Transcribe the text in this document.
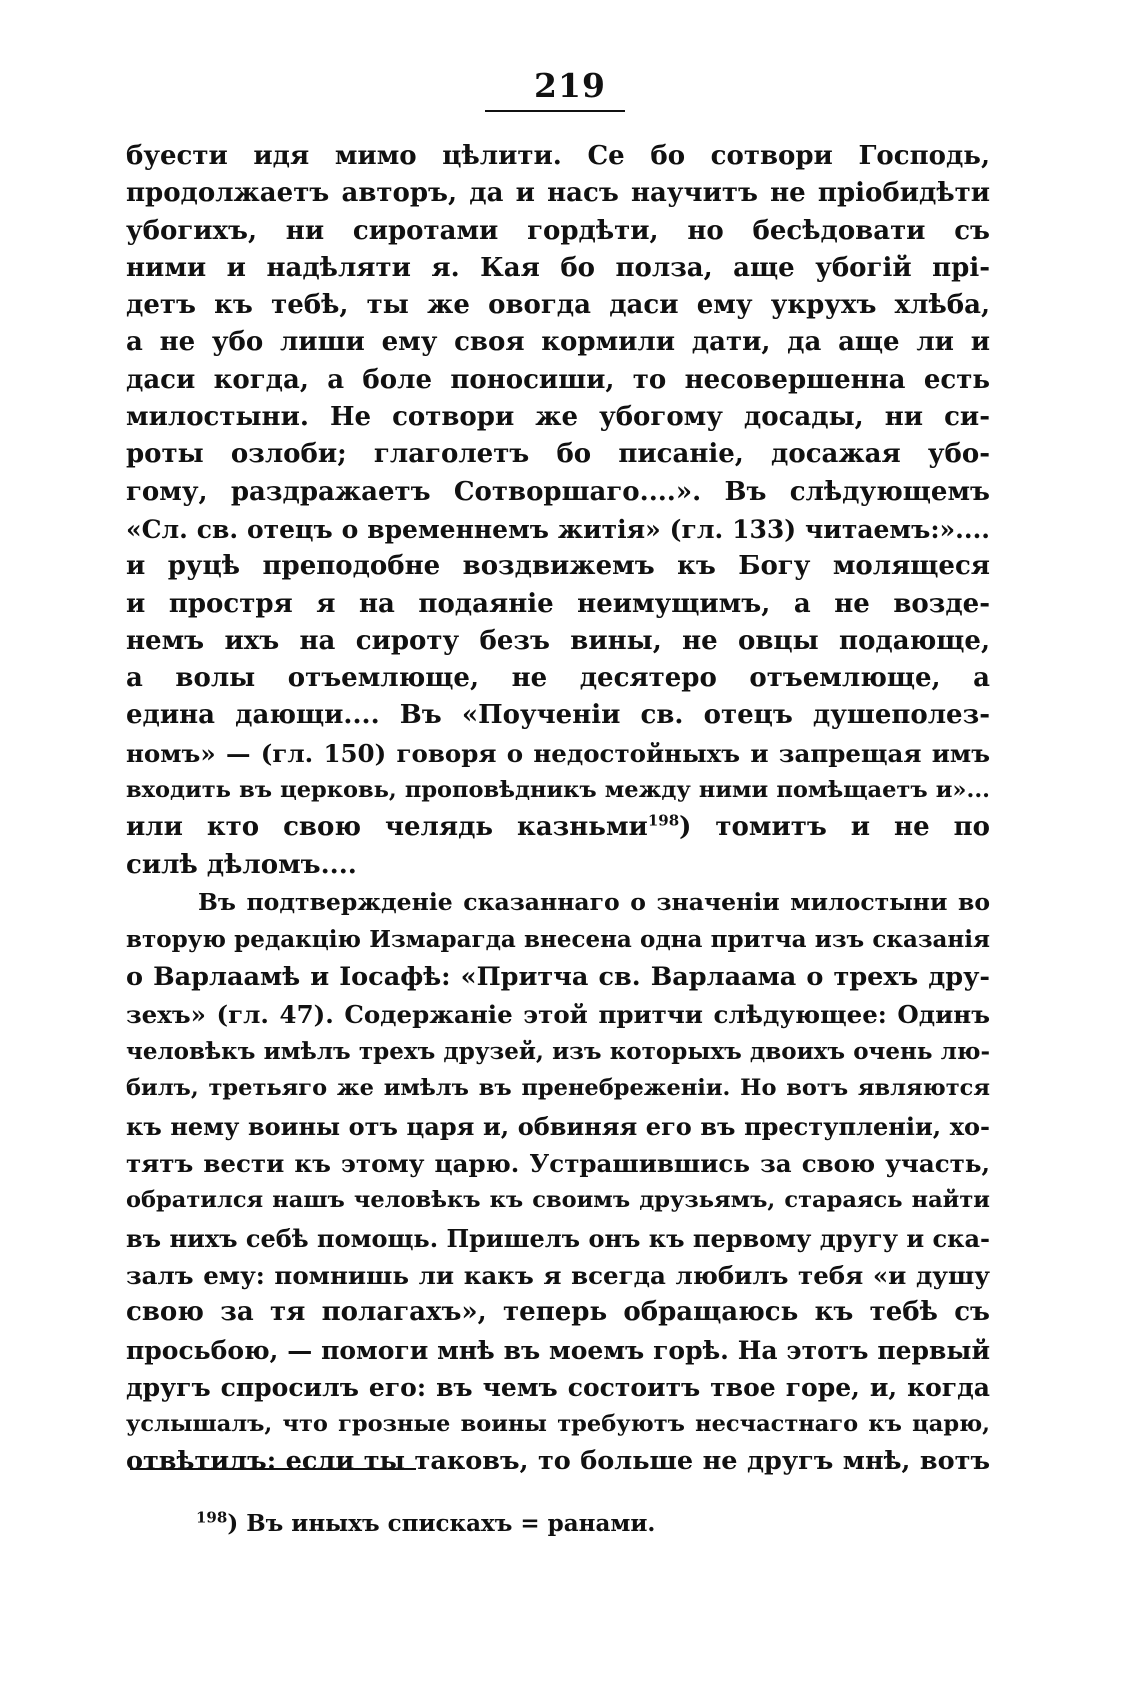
219
буести идя мимо цѣлити. Се бо сотвори Господь,
продолжаетъ авторъ, да и насъ научитъ не пріобидѣти
убогихъ, ни сиротами гордѣти, но бесѣдовати съ
ними и надѣляти я. Кая бо полза, аще убогій прі-
детъ къ тебѣ, ты же овогда даси ему укрухъ хлѣба,
а не убо лиши ему своя кормили дати, да аще ли и
даси когда, а боле поносиши, то несовершенна есть
милостыни. Не сотвори же убогому досады, ни си-
роты озлоби; глаголетъ бо писаніе, досажая убо-
гому, раздражаетъ Сотворшаго....». Въ слѣдующемъ
«Сл. св. отецъ о временнемъ житія» (гл. 133) читаемъ:»....
и руцѣ преподобне воздвижемъ къ Богу молящеся
и простря я на подаяніе неимущимъ, а не возде-
немъ ихъ на сироту безъ вины, не овцы подающе,
а волы отъемлюще, не десятеро отъемлюще, а
едина дающи.... Въ «Поученіи св. отецъ душеполез-
номъ» — (гл. 150) говоря о недостойныхъ и запрещая имъ
входить въ церковь, проповѣдникъ между ними помѣщаетъ и»...
или кто свою челядь казньми$^{198}$) томитъ и не по
силѣ дѣломъ....
Въ подтвержденіе сказаннаго о значеніи милостыни во
вторую редакцію Измарагда внесена одна притча изъ сказанія
о Варлаамѣ и Іосафѣ: «Притча св. Варлаама о трехъ дру-
зехъ» (гл. 47). Содержаніе этой притчи слѣдующее: Одинъ
человѣкъ имѣлъ трехъ друзей, изъ которыхъ двоихъ очень лю-
билъ, третьяго же имѣлъ въ пренебреженіи. Но вотъ являются
къ нему воины отъ царя и, обвиняя его въ преступленіи, хо-
тятъ вести къ этому царю. Устрашившись за свою участь,
обратился нашъ человѣкъ къ своимъ друзьямъ, стараясь найти
въ нихъ себѣ помощь. Пришелъ онъ къ первому другу и ска-
залъ ему: помнишь ли какъ я всегда любилъ тебя «и душу
свою за тя полагахъ», теперь обращаюсь къ тебѣ съ
просьбою, — помоги мнѣ въ моемъ горѣ. На этотъ первый
другъ спросилъ его: въ чемъ состоитъ твое горе, и, когда
услышалъ, что грозные воины требуютъ несчастнаго къ царю,
отвѣтилъ: если ты таковъ, то больше не другъ мнѣ, вотъ
$^{198}$) Въ иныхъ спискахъ = ранами.
